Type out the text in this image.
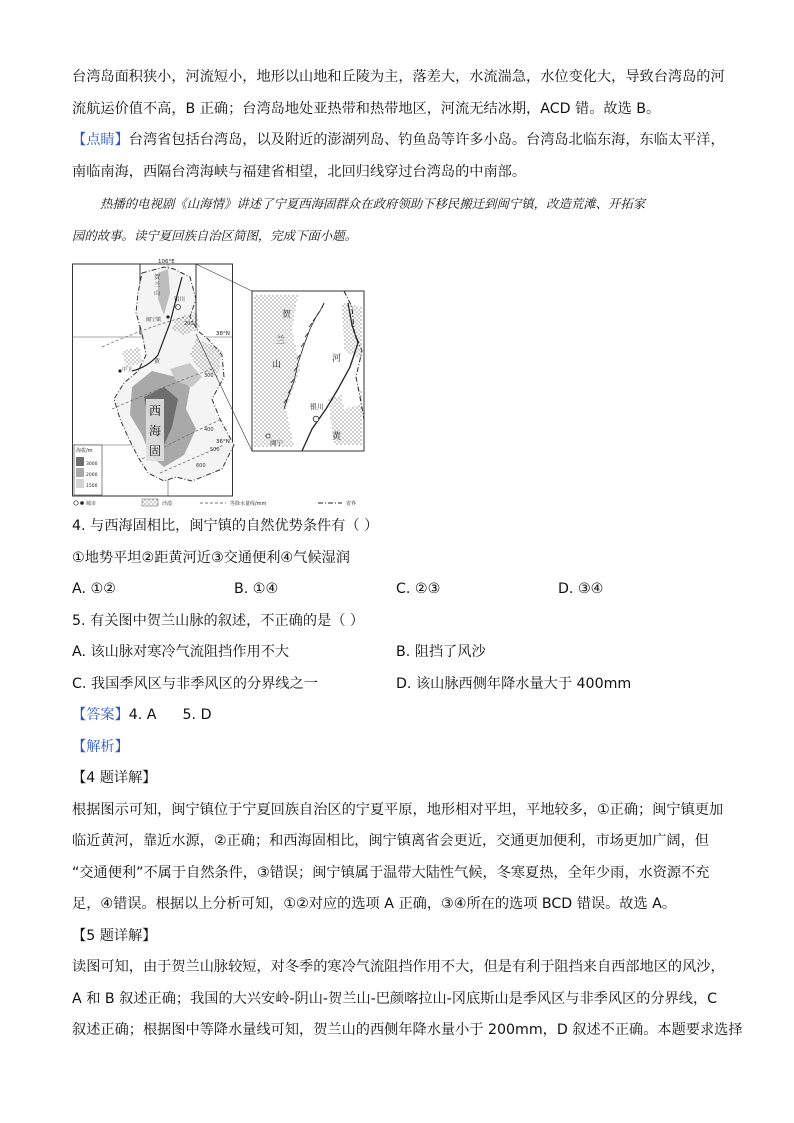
台湾岛面积狭小，河流短小，地形以山地和丘陵为主，落差大，水流湍急，水位变化大，导致台湾岛的河

流航运价值不高，B 正确；台湾岛地处亚热带和热带地区，河流无结冰期，ACD 错。故选 B。

【点睛】台湾省包括台湾岛，以及附近的澎湖列岛、钓鱼岛等许多小岛。台湾岛北临东海，东临太平洋，

南临南海，西隔台湾海峡与福建省相望，北回归线穿过台湾岛的中南部。

热播的电视剧《山海情》讲述了宁夏西海固群众在政府领助下移民搬迁到闽宁镇，改造荒滩、开拓家

园的故事。读宁夏回族自治区简图，完成下面小题。

200
300
400
500
600
106°E
38°N
36°N
贺
兰
山
银川
闽宁镇
黄
中卫
西
海
固
海拔/m
3000
2000
1500
贺
兰
山
河
银川
闽宁
黄
城市	沙漠	等降水量线/mm	省界

4. 与西海固相比，闽宁镇的自然优势条件有（ ）

①地势平坦②距黄河近③交通便利④气候湿润

A. ①②	B. ①④	C. ②③	D. ③④

5. 有关图中贺兰山脉的叙述，不正确的是（ ）

A. 该山脉对寒冷气流阻挡作用不大	B. 阻挡了风沙
C. 我国季风区与非季风区的分界线之一	D. 该山脉西侧年降水量大于 400mm

【答案】4. A 5. D

【解析】

【4 题详解】

根据图示可知，闽宁镇位于宁夏回族自治区的宁夏平原，地形相对平坦，平地较多，①正确；闽宁镇更加

临近黄河，靠近水源，②正确；和西海固相比，闽宁镇离省会更近，交通更加便利，市场更加广阔，但

“交通便利”不属于自然条件，③错误；闽宁镇属于温带大陆性气候，冬寒夏热，全年少雨，水资源不充

足，④错误。根据以上分析可知，①②对应的选项 A 正确，③④所在的选项 BCD 错误。故选 A。

【5 题详解】

读图可知，由于贺兰山脉较短，对冬季的寒冷气流阻挡作用不大，但是有利于阻挡来自西部地区的风沙，

A 和 B 叙述正确；我国的大兴安岭-阴山-贺兰山-巴颜喀拉山-冈底斯山是季风区与非季风区的分界线，C

叙述正确；根据图中等降水量线可知，贺兰山的西侧年降水量小于 200mm，D 叙述不正确。本题要求选择
